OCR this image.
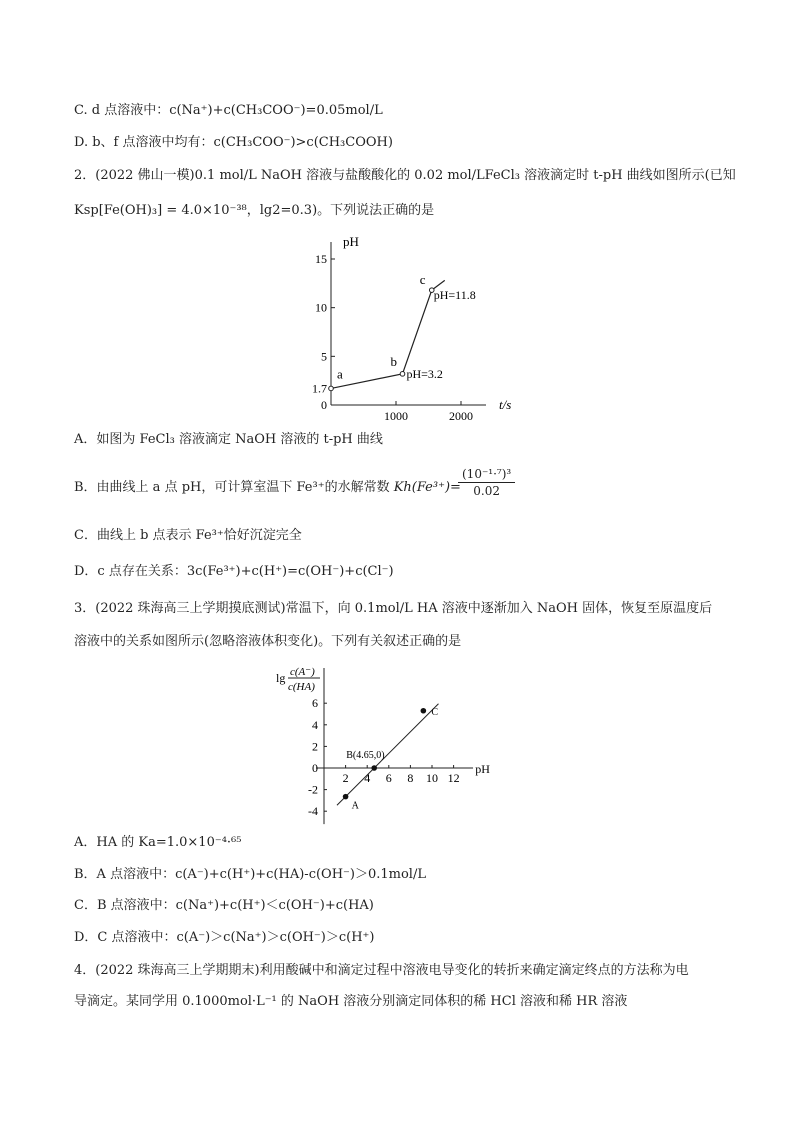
C. d 点溶液中：c(Na⁺)+c(CH₃COO⁻)=0.05mol/L
D. b、f 点溶液中均有：c(CH₃COO⁻)>c(CH₃COOH)
2．(2022 佛山一模)0.1 mol/L NaOH 溶液与盐酸酸化的 0.02 mol/LFeCl₃ 溶液滴定时 t-pH 曲线如图所示(已知
Ksp[Fe(OH)₃] = 4.0×10⁻³⁸，lg2=0.3)。下列说法正确的是
pH
t/s
15
10
5
1.7
0
1000	2000
a
b
c
pH=3.2
pH=11.8
A．如图为 FeCl₃ 溶液滴定 NaOH 溶液的 t-pH 曲线
B．由曲线上 a 点 pH，可计算室温下 Fe³⁺的水解常数 Kh(Fe³⁺)=
$\frac{\text{(10⁻¹·⁷)³}}{0.02}$
C．曲线上 b 点表示 Fe³⁺恰好沉淀完全
D．c 点存在关系：3c(Fe³⁺)+c(H⁺)=c(OH⁻)+c(Cl⁻)
3．(2022 珠海高三上学期摸底测试)常温下，向 0.1mol/L HA 溶液中逐渐加入 NaOH 固体，恢复至原温度后
溶液中的关系如图所示(忽略溶液体积变化)。下列有关叙述正确的是
lg c(A⁻)
c(HA)
pH
6
4
2
0
-2
-4
2 4 6 8 10 12
A
B(4.65,0)
C
A．HA 的 Ka=1.0×10⁻⁴·⁶⁵
B．A 点溶液中：c(A⁻)+c(H⁺)+c(HA)-c(OH⁻)＞0.1mol/L
C．B 点溶液中：c(Na⁺)+c(H⁺)＜c(OH⁻)+c(HA)
D．C 点溶液中：c(A⁻)＞c(Na⁺)＞c(OH⁻)＞c(H⁺)
4．(2022 珠海高三上学期期末)利用酸碱中和滴定过程中溶液电导变化的转折来确定滴定终点的方法称为电
导滴定。某同学用 0.1000mol·L⁻¹ 的 NaOH 溶液分别滴定同体积的稀 HCl 溶液和稀 HR 溶液
